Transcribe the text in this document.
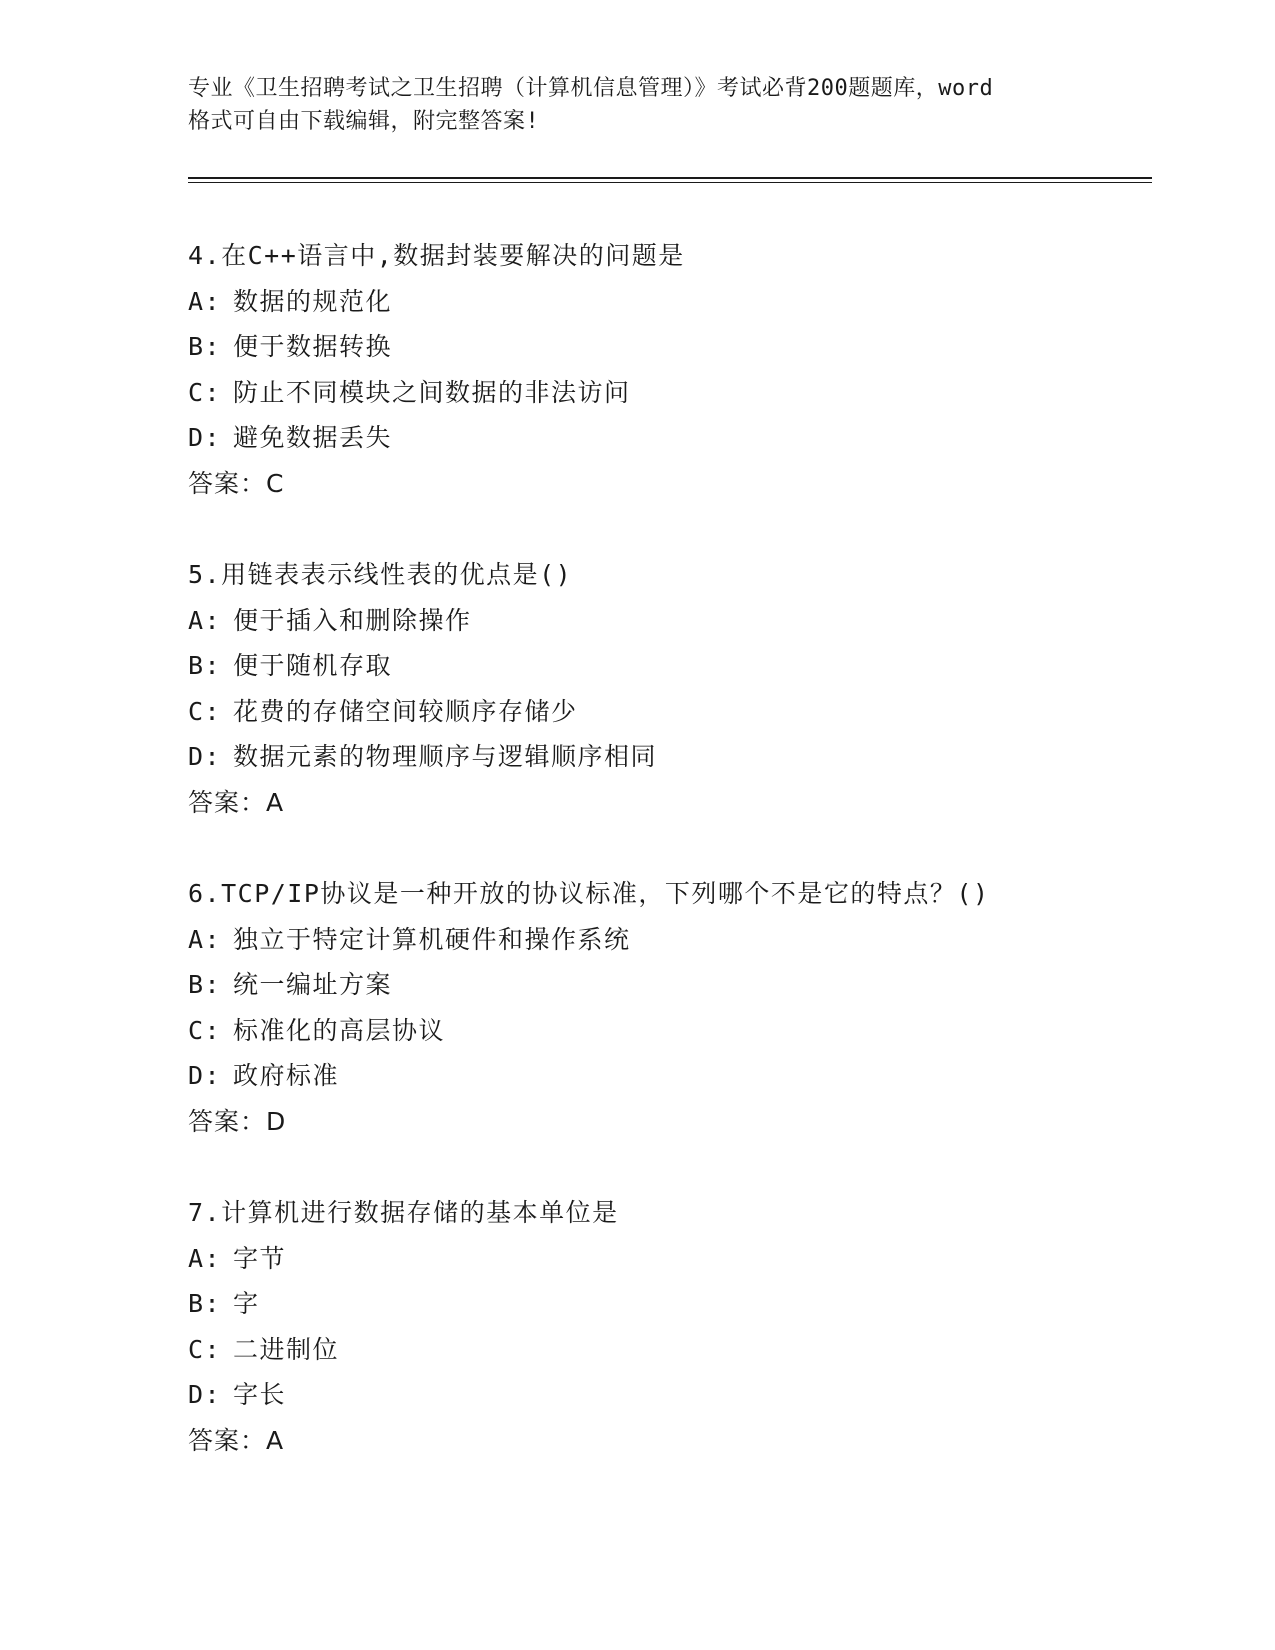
专业《卫生招聘考试之卫生招聘（计算机信息管理）》考试必背200题题库，word
格式可自由下载编辑，附完整答案!
4.在C++语言中,数据封装要解决的问题是
A: 数据的规范化
B: 便于数据转换
C: 防止不同模块之间数据的非法访问
D: 避免数据丢失
答案：C
5.用链表表示线性表的优点是()
A: 便于插入和删除操作
B: 便于随机存取
C: 花费的存储空间较顺序存储少
D: 数据元素的物理顺序与逻辑顺序相同
答案：A
6.TCP/IP协议是一种开放的协议标准，下列哪个不是它的特点？()
A: 独立于特定计算机硬件和操作系统
B: 统一编址方案
C: 标准化的高层协议
D: 政府标准
答案：D
7.计算机进行数据存储的基本单位是
A: 字节
B: 字
C: 二进制位
D: 字长
答案：A
